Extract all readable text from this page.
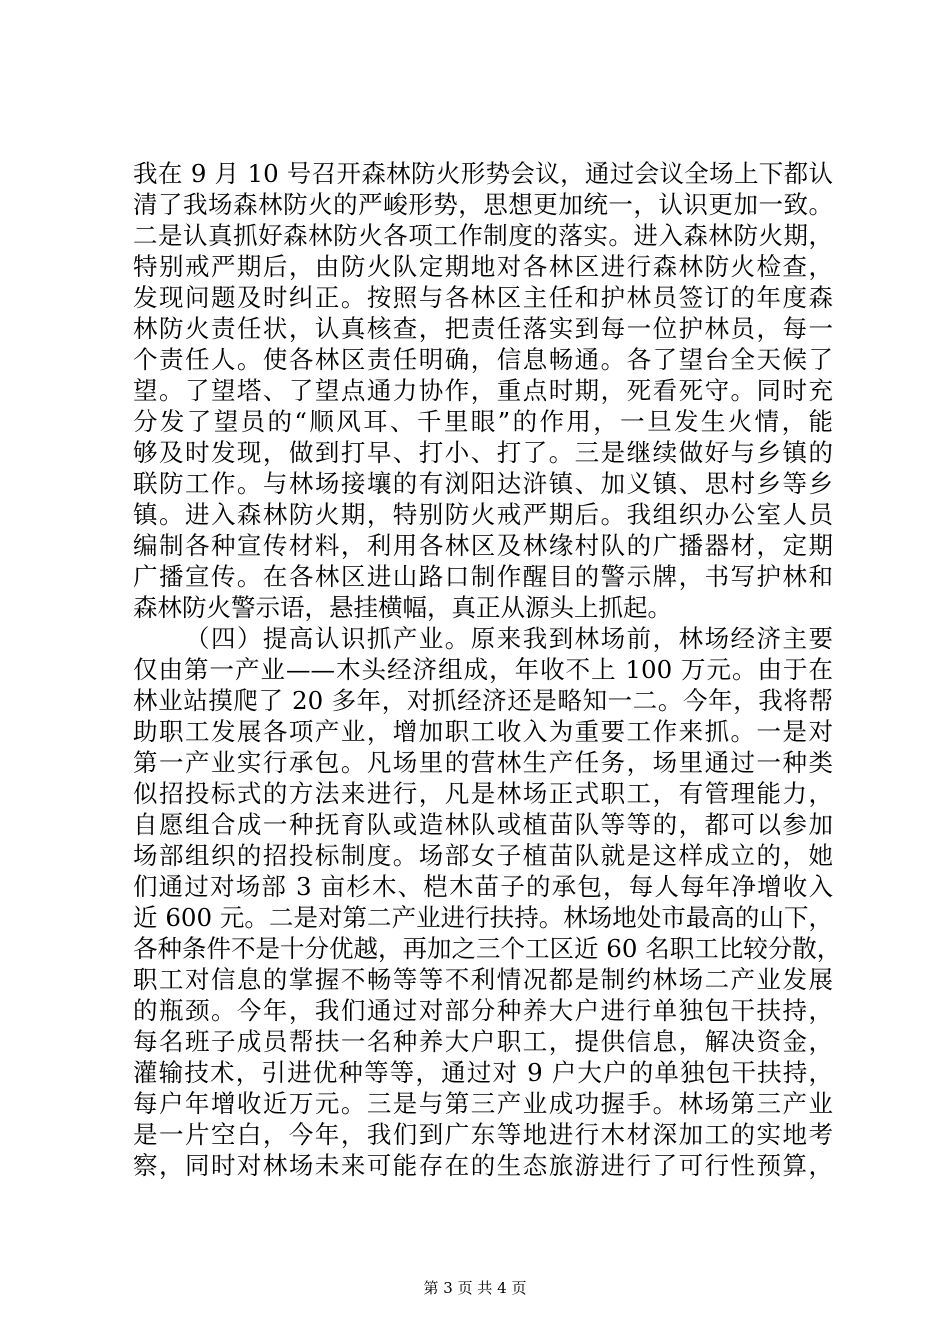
我在 9 月 10 号召开森林防火形势会议，通过会议全场上下都认
清了我场森林防火的严峻形势，思想更加统一，认识更加一致。
二是认真抓好森林防火各项工作制度的落实。进入森林防火期，
特别戒严期后，由防火队定期地对各林区进行森林防火检查，
发现问题及时纠正。按照与各林区主任和护林员签订的年度森
林防火责任状，认真核查，把责任落实到每一位护林员，每一
个责任人。使各林区责任明确，信息畅通。各了望台全天候了
望。了望塔、了望点通力协作，重点时期，死看死守。同时充
分发了望员的“顺风耳、千里眼”的作用，一旦发生火情，能
够及时发现，做到打早、打小、打了。三是继续做好与乡镇的
联防工作。与林场接壤的有浏阳达浒镇、加义镇、思村乡等乡
镇。进入森林防火期，特别防火戒严期后。我组织办公室人员
编制各种宣传材料，利用各林区及林缘村队的广播器材，定期
广播宣传。在各林区进山路口制作醒目的警示牌，书写护林和
森林防火警示语，悬挂横幅，真正从源头上抓起。
（四）提高认识抓产业。原来我到林场前，林场经济主要
仅由第一产业——木头经济组成，年收不上 100 万元。由于在
林业站摸爬了 20 多年，对抓经济还是略知一二。今年，我将帮
助职工发展各项产业，增加职工收入为重要工作来抓。一是对
第一产业实行承包。凡场里的营林生产任务，场里通过一种类
似招投标式的方法来进行，凡是林场正式职工，有管理能力，
自愿组合成一种抚育队或造林队或植苗队等等的，都可以参加
场部组织的招投标制度。场部女子植苗队就是这样成立的，她
们通过对场部 3 亩杉木、桤木苗子的承包，每人每年净增收入
近 600 元。二是对第二产业进行扶持。林场地处市最高的山下，
各种条件不是十分优越，再加之三个工区近 60 名职工比较分散，
职工对信息的掌握不畅等等不利情况都是制约林场二产业发展
的瓶颈。今年，我们通过对部分种养大户进行单独包干扶持，
每名班子成员帮扶一名种养大户职工，提供信息，解决资金，
灌输技术，引进优种等等，通过对 9 户大户的单独包干扶持，
每户年增收近万元。三是与第三产业成功握手。林场第三产业
是一片空白，今年，我们到广东等地进行木材深加工的实地考
察，同时对林场未来可能存在的生态旅游进行了可行性预算，
第 3 页 共 4 页
